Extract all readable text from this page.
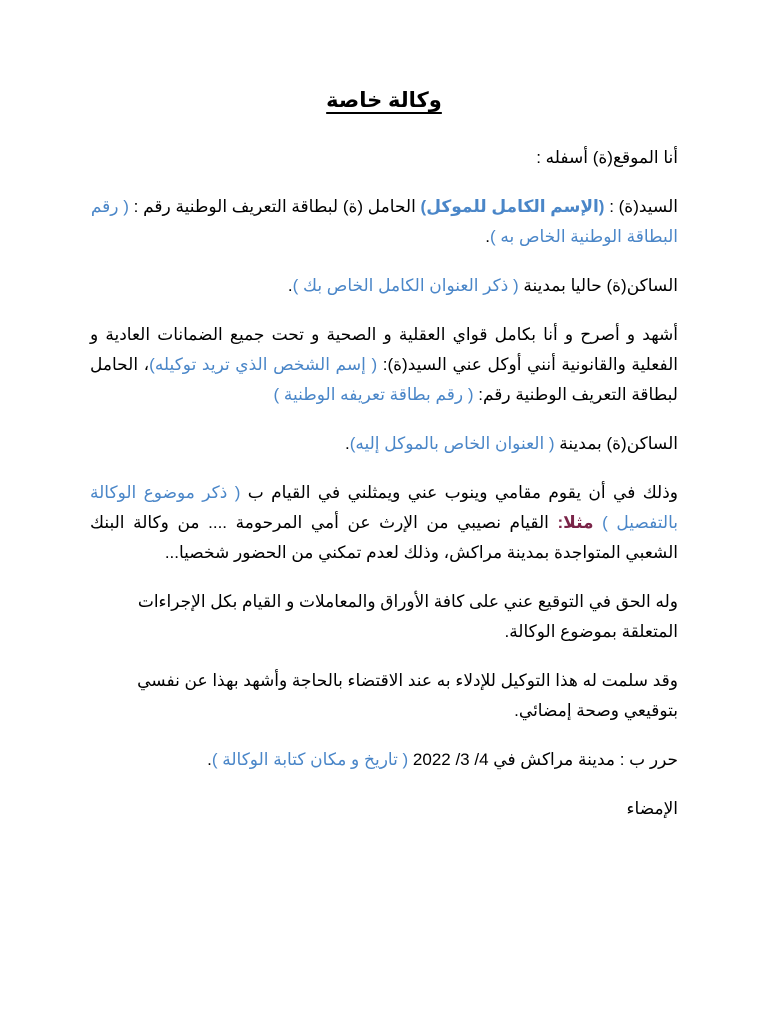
وكالة خاصة

أنا الموقع(ة) أسفله :

السيد(ة) : (الإسم الكامل للموكل) الحامل (ة) لبطاقة التعريف الوطنية رقم : ( رقم البطاقة الوطنية الخاص به ).

الساكن(ة) حاليا بمدينة ( ذكر العنوان الكامل الخاص بك ).

أشهد و أصرح و أنا بكامل قواي العقلية و الصحية و تحت جميع الضمانات العادية و الفعلية والقانونية أنني أوكل عني السيد(ة): ( إسم الشخص الذي تريد توكيله)، الحامل لبطاقة التعريف الوطنية رقم: ( رقم بطاقة تعريفه الوطنية )

الساكن(ة) بمدينة ( العنوان الخاص بالموكل إليه).

وذلك في أن يقوم مقامي وينوب عني ويمثلني في القيام ب ( ذكر موضوع الوكالة بالتفصيل ) مثلا: القيام نصيبي من الإرث عن أمي المرحومة .... من وكالة البنك الشعبي المتواجدة بمدينة مراكش، وذلك لعدم تمكني من الحضور شخصيا...

وله الحق في التوقيع عني على كافة الأوراق والمعاملات و القيام بكل الإجراءات المتعلقة بموضوع الوكالة.

وقد سلمت له هذا التوكيل للإدلاء به عند الاقتضاء بالحاجة وأشهد بهذا عن نفسي بتوقيعي وصحة إمضائي.

حرر ب : مدينة مراكش في 2022 /3 /4 ( تاريخ و مكان كتابة الوكالة ).

الإمضاء
